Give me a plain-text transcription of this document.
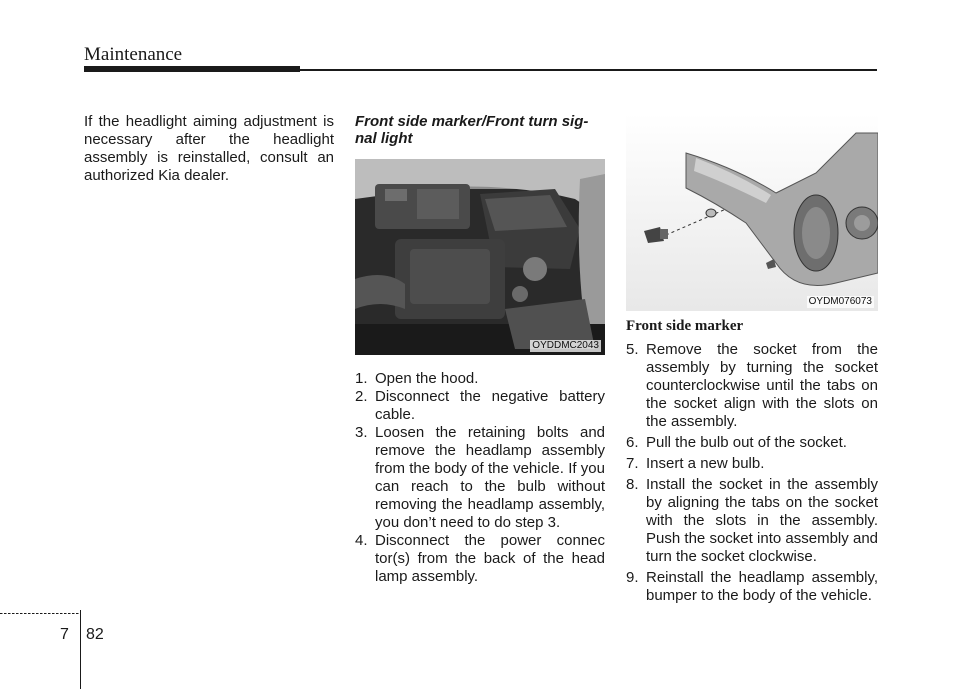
Maintenance

If the headlight aiming adjustment is necessary after the headlight assembly is reinstalled, consult an authorized Kia dealer.

Front side marker/Front turn sig-nal light

OYDDMC2043
1. Open the hood.
2. Disconnect the negative battery cable.
3. Loosen the retaining bolts and remove the headlamp assembly from the body of the vehicle. If you can reach to the bulb without removing the headlamp assembly, you don’t need to do step 3.
4. Disconnect the power connec tor(s) from the back of the head lamp assembly.
OYDM076073

Front side marker

5. Remove the socket from the assembly by turning the socket counterclockwise until the tabs on the socket align with the slots on the assembly.
6. Pull the bulb out of the socket.
7. Insert a new bulb.
8. Install the socket in the assembly by aligning the tabs on the socket with the slots in the assembly. Push the socket into assembly and turn the socket clockwise.
9. Reinstall the headlamp assembly, bumper to the body of the vehicle.
7 82
